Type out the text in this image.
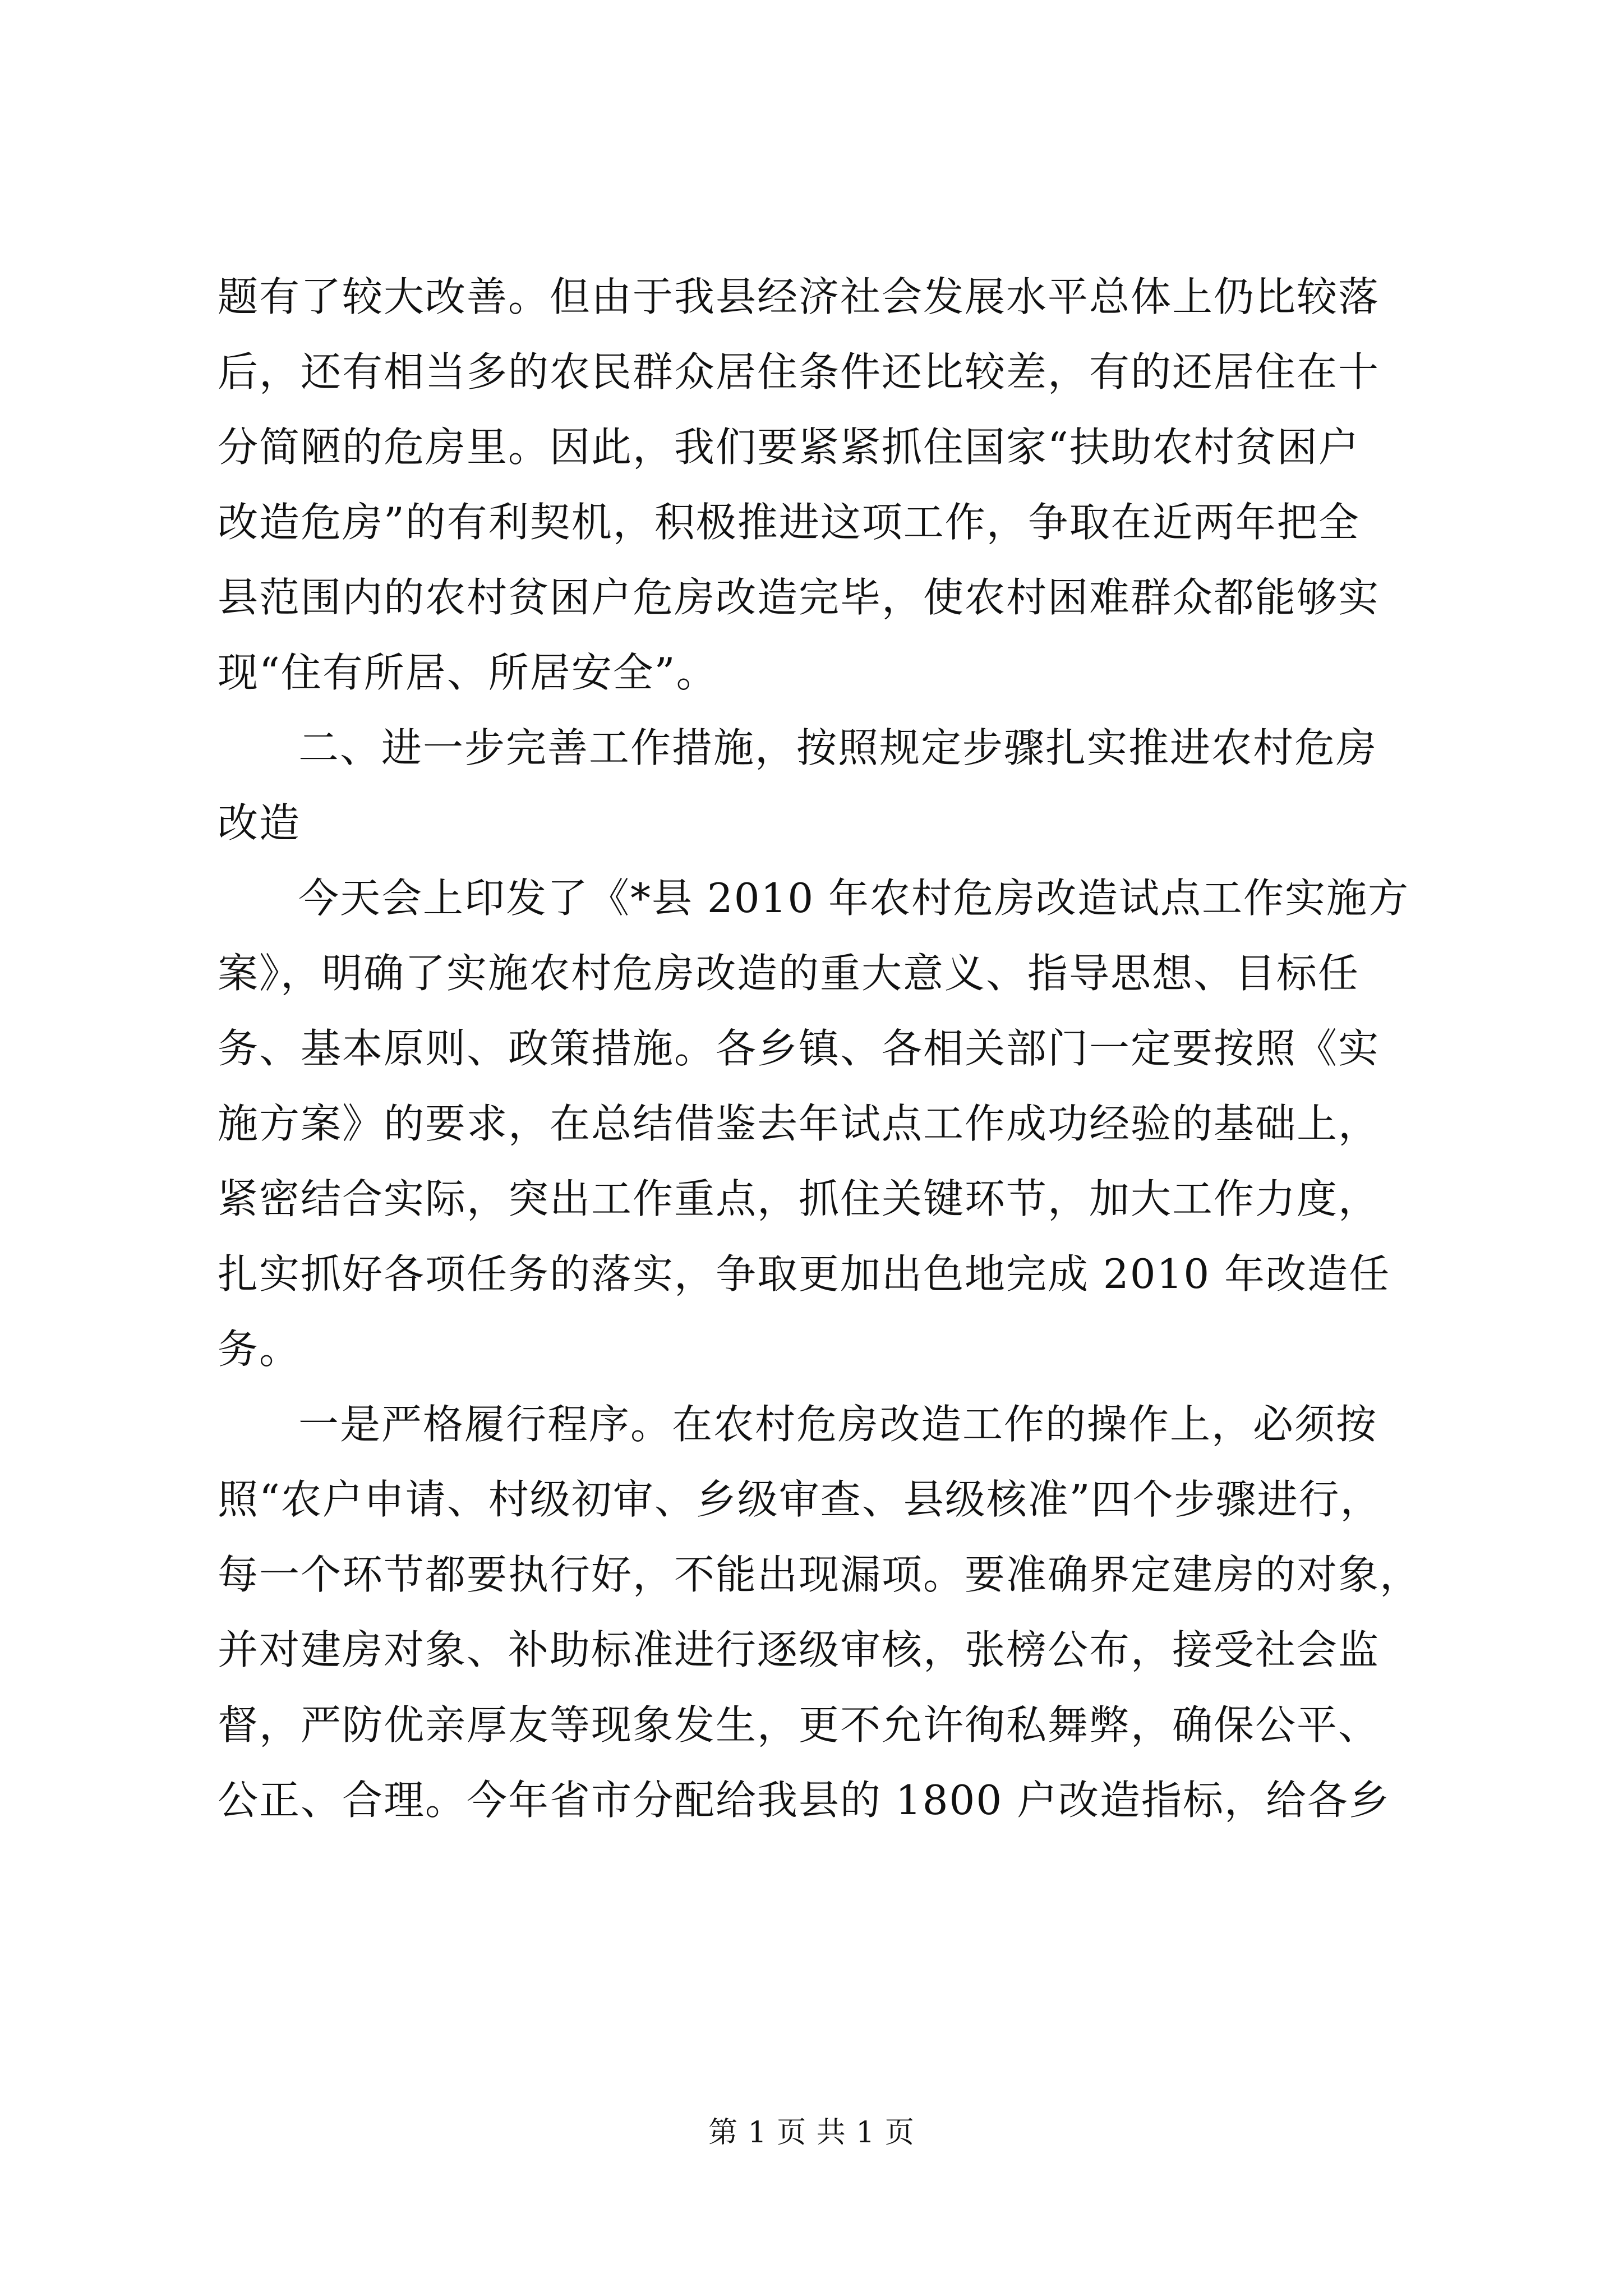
题有了较大改善。但由于我县经济社会发展水平总体上仍比较落
后，还有相当多的农民群众居住条件还比较差，有的还居住在十
分简陋的危房里。因此，我们要紧紧抓住国家“扶助农村贫困户
改造危房”的有利契机，积极推进这项工作，争取在近两年把全
县范围内的农村贫困户危房改造完毕，使农村困难群众都能够实
现“住有所居、所居安全”。
二、进一步完善工作措施，按照规定步骤扎实推进农村危房
改造
今天会上印发了《*县 2010 年农村危房改造试点工作实施方
案》，明确了实施农村危房改造的重大意义、指导思想、目标任
务、基本原则、政策措施。各乡镇、各相关部门一定要按照《实
施方案》的要求，在总结借鉴去年试点工作成功经验的基础上，
紧密结合实际，突出工作重点，抓住关键环节，加大工作力度，
扎实抓好各项任务的落实，争取更加出色地完成 2010 年改造任
务。
一是严格履行程序。在农村危房改造工作的操作上，必须按
照“农户申请、村级初审、乡级审查、县级核准”四个步骤进行，
每一个环节都要执行好，不能出现漏项。要准确界定建房的对象，
并对建房对象、补助标准进行逐级审核，张榜公布，接受社会监
督，严防优亲厚友等现象发生，更不允许徇私舞弊，确保公平、
公正、合理。今年省市分配给我县的 1800 户改造指标，给各乡
第 1 页 共 1 页
